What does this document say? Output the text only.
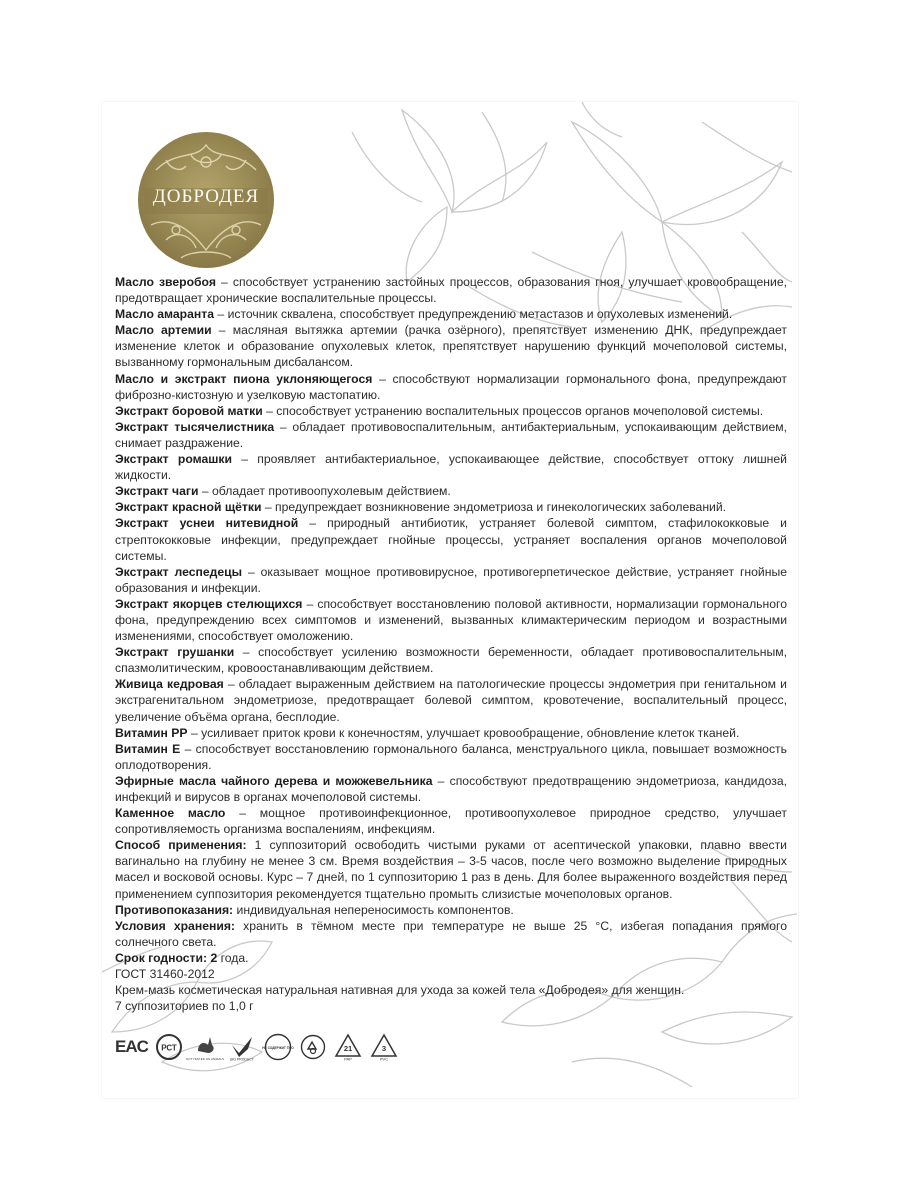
ДОБРОДЕЯ

Масло зверобоя – способствует устранению застойных процессов, образования гноя, улучшает кровообращение, предотвращает хронические воспалительные процессы.

Масло амаранта – источник сквалена, способствует предупреждению метастазов и опухолевых изменений.

Масло артемии – масляная вытяжка артемии (рачка озёрного), препятствует изменению ДНК, предупреждает изменение клеток и образование опухолевых клеток, препятствует нарушению функций мочеполовой системы, вызванному гормональным дисбалансом.

Масло и экстракт пиона уклоняющегося – способствуют нормализации гормонального фона, предупреждают фиброзно-кистозную и узелковую мастопатию.

Экстракт боровой матки – способствует устранению воспалительных процессов органов мочеполовой системы.

Экстракт тысячелистника – обладает противовоспалительным, антибактериальным, успокаивающим действием, снимает раздражение.

Экстракт ромашки – проявляет антибактериальное, успокаивающее действие, способствует оттоку лишней жидкости.

Экстракт чаги – обладает противоопухолевым действием.

Экстракт красной щётки – предупреждает возникновение эндометриоза и гинекологических заболеваний.

Экстракт уснеи нитевидной – природный антибиотик, устраняет болевой симптом, стафилококковые и стрептококковые инфекции, предупреждает гнойные процессы, устраняет воспаления органов мочеполовой системы.

Экстракт леспедецы – оказывает мощное противовирусное, противогерпетическое действие, устраняет гнойные образования и инфекции.

Экстракт якорцев стелющихся – способствует восстановлению половой активности, нормализации гормонального фона, предупреждению всех симптомов и изменений, вызванных климактерическим периодом и возрастными изменениями, способствует омоложению.

Экстракт грушанки – способствует усилению возможности беременности, обладает противовоспалительным, спазмолитическим, кровоостанавливающим действием.

Живица кедровая – обладает выраженным действием на патологические процессы эндометрия при генитальном и экстрагенитальном эндометриозе, предотвращает болевой симптом, кровотечение, воспалительный процесс, увеличение объёма органа, бесплодие.

Витамин РР – усиливает приток крови к конечностям, улучшает кровообращение, обновление клеток тканей.

Витамин Е – способствует восстановлению гормонального баланса, менструального цикла, повышает возможность оплодотворения.

Эфирные масла чайного дерева и можжевельника – способствуют предотвращению эндометриоза, кандидоза, инфекций и вирусов в органах мочеполовой системы.

Каменное масло – мощное противоинфекционное, противоопухолевое природное средство, улучшает сопротивляемость организма воспалениям, инфекциям.

Способ применения: 1 суппозиторий освободить чистыми руками от асептической упаковки, плавно ввести вагинально на глубину не менее 3 см. Время воздействия – 3-5 часов, после чего возможно выделение природных масел и восковой основы. Курс – 7 дней, по 1 суппозиторию 1 раз в день. Для более выраженного воздействия перед применением суппозитория рекомендуется тщательно промыть слизистые мочеполовых органов.

Противопоказания: индивидуальная непереносимость компонентов.

Условия хранения: хранить в тёмном месте при температуре не выше 25 °С, избегая попадания прямого солнечного света.

Срок годности: 2 года.

ГОСТ 31460-2012

Крем-мазь косметическая натуральная нативная для ухода за кожей тела «Добродея» для женщин.

7 суппозиториев по 1,0 г

EAC РСТ
NOT TESTED ON ANIMALS BIO PRODUCT
НЕ СОДЕРЖИТ ГМО	21
PAP
3
PVC
